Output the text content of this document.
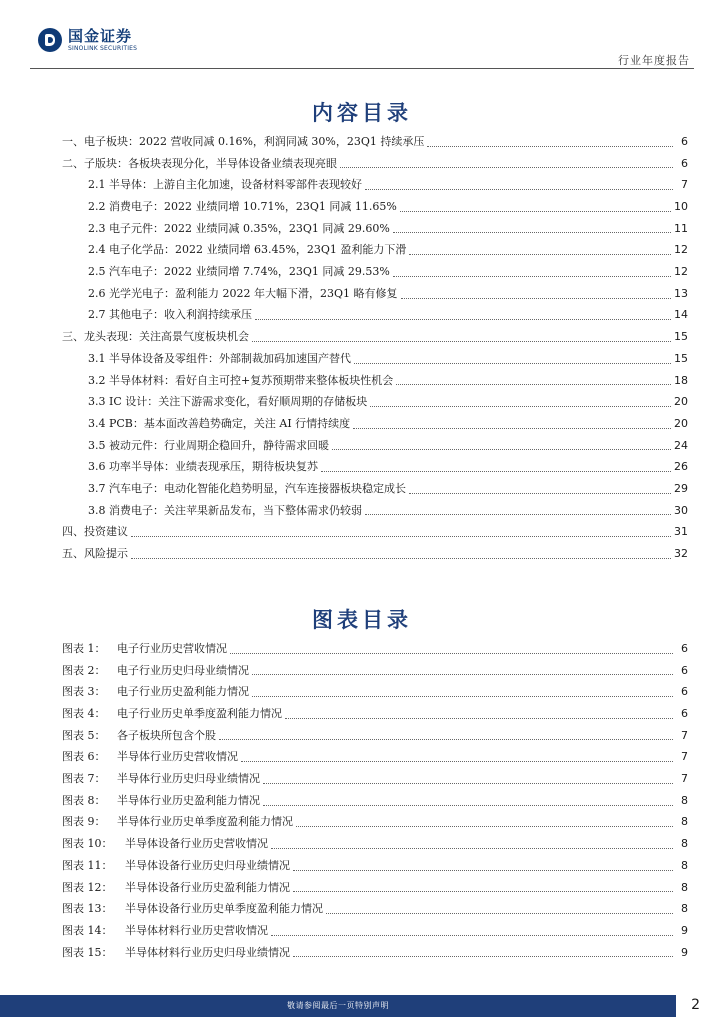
国金证券
SINOLINK SECURITIES
行业年度报告
内容目录
一、电子板块：2022 营收同减 0.16%，利润同减 30%，23Q1 持续承压	6
二、子版块：各板块表现分化，半导体设备业绩表现亮眼	6
2.1 半导体：上游自主化加速，设备材料零部件表现较好	7
2.2 消费电子：2022 业绩同增 10.71%，23Q1 同减 11.65%	10
2.3 电子元件：2022 业绩同减 0.35%，23Q1 同减 29.60%	11
2.4 电子化学品：2022 业绩同增 63.45%，23Q1 盈利能力下滑	12
2.5 汽车电子：2022 业绩同增 7.74%，23Q1 同减 29.53%	12
2.6 光学光电子：盈利能力 2022 年大幅下滑，23Q1 略有修复	13
2.7 其他电子：收入利润持续承压	14
三、龙头表现：关注高景气度板块机会	15
3.1 半导体设备及零组件：外部制裁加码加速国产替代	15
3.2 半导体材料：看好自主可控+复苏预期带来整体板块性机会	18
3.3 IC 设计：关注下游需求变化，看好顺周期的存储板块	20
3.4 PCB：基本面改善趋势确定，关注 AI 行情持续度	20
3.5 被动元件：行业周期企稳回升，静待需求回暖	24
3.6 功率半导体：业绩表现承压，期待板块复苏	26
3.7 汽车电子：电动化智能化趋势明显，汽车连接器板块稳定成长	29
3.8 消费电子：关注苹果新品发布，当下整体需求仍较弱	30
四、投资建议	31
五、风险提示	32
图表目录
图表 1：	电子行业历史营收情况	6
图表 2：	电子行业历史归母业绩情况	6
图表 3：	电子行业历史盈利能力情况	6
图表 4：	电子行业历史单季度盈利能力情况	6
图表 5：	各子板块所包含个股	7
图表 6：	半导体行业历史营收情况	7
图表 7：	半导体行业历史归母业绩情况	7
图表 8：	半导体行业历史盈利能力情况	8
图表 9：	半导体行业历史单季度盈利能力情况	8
图表 10：	半导体设备行业历史营收情况	8
图表 11：	半导体设备行业历史归母业绩情况	8
图表 12：	半导体设备行业历史盈利能力情况	8
图表 13：	半导体设备行业历史单季度盈利能力情况	8
图表 14：	半导体材料行业历史营收情况	9
图表 15：	半导体材料行业历史归母业绩情况	9
敬请参阅最后一页特别声明	2
